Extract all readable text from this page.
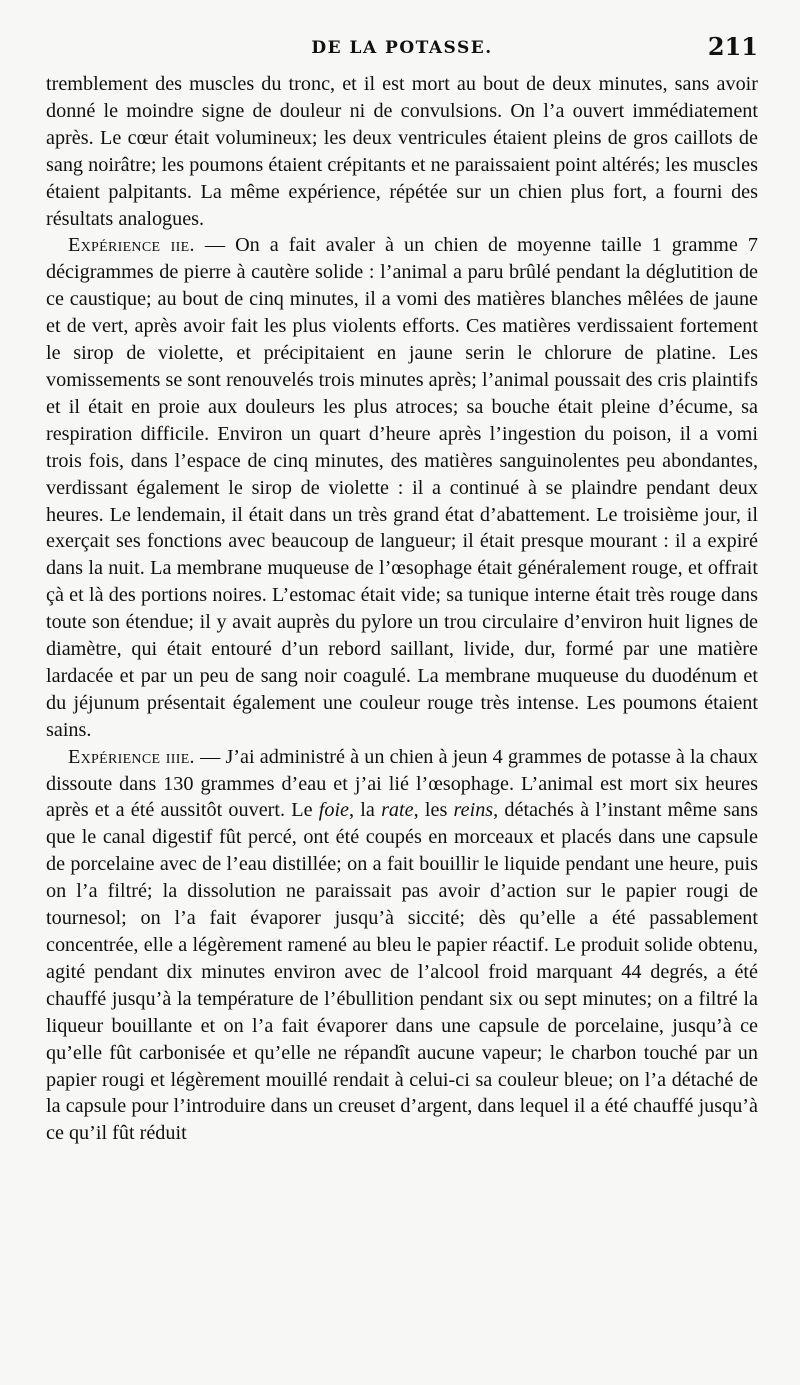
DE LA POTASSE.	211

tremblement des muscles du tronc, et il est mort au bout de deux minutes, sans avoir donné le moindre signe de douleur ni de convulsions. On l’a ouvert immédiatement après. Le cœur était volumineux; les deux ventricules étaient pleins de gros caillots de sang noirâtre; les poumons étaient crépitants et ne paraissaient point altérés; les muscles étaient palpitants. La même expérience, répétée sur un chien plus fort, a fourni des résultats analogues.

Expérience iie. — On a fait avaler à un chien de moyenne taille 1 gramme 7 décigrammes de pierre à cautère solide : l’animal a paru brûlé pendant la déglutition de ce caustique; au bout de cinq minutes, il a vomi des matières blanches mêlées de jaune et de vert, après avoir fait les plus violents efforts. Ces matières verdissaient fortement le sirop de violette, et précipitaient en jaune serin le chlorure de platine. Les vomissements se sont renouvelés trois minutes après; l’animal poussait des cris plaintifs et il était en proie aux douleurs les plus atroces; sa bouche était pleine d’écume, sa respiration difficile. Environ un quart d’heure après l’ingestion du poison, il a vomi trois fois, dans l’espace de cinq minutes, des matières sanguinolentes peu abondantes, verdissant également le sirop de violette : il a continué à se plaindre pendant deux heures. Le lendemain, il était dans un très grand état d’abattement. Le troisième jour, il exerçait ses fonctions avec beaucoup de langueur; il était presque mourant : il a expiré dans la nuit. La membrane muqueuse de l’œsophage était généralement rouge, et offrait çà et là des portions noires. L’estomac était vide; sa tunique interne était très rouge dans toute son étendue; il y avait auprès du pylore un trou circulaire d’environ huit lignes de diamètre, qui était entouré d’un rebord saillant, livide, dur, formé par une matière lardacée et par un peu de sang noir coagulé. La membrane muqueuse du duodénum et du jéjunum présentait également une couleur rouge très intense. Les poumons étaient sains.

Expérience iiie. — J’ai administré à un chien à jeun 4 grammes de potasse à la chaux dissoute dans 130 grammes d’eau et j’ai lié l’œsophage. L’animal est mort six heures après et a été aussitôt ouvert. Le foie, la rate, les reins, détachés à l’instant même sans que le canal digestif fût percé, ont été coupés en morceaux et placés dans une capsule de porcelaine avec de l’eau distillée; on a fait bouillir le liquide pendant une heure, puis on l’a filtré; la dissolution ne paraissait pas avoir d’action sur le papier rougi de tournesol; on l’a fait évaporer jusqu’à siccité; dès qu’elle a été passablement concentrée, elle a légèrement ramené au bleu le papier réactif. Le produit solide obtenu, agité pendant dix minutes environ avec de l’alcool froid marquant 44 degrés, a été chauffé jusqu’à la température de l’ébullition pendant six ou sept minutes; on a filtré la liqueur bouillante et on l’a fait évaporer dans une capsule de porcelaine, jusqu’à ce qu’elle fût carbonisée et qu’elle ne répandît aucune vapeur; le charbon touché par un papier rougi et légèrement mouillé rendait à celui-ci sa couleur bleue; on l’a détaché de la capsule pour l’introduire dans un creuset d’argent, dans lequel il a été chauffé jusqu’à ce qu’il fût réduit
